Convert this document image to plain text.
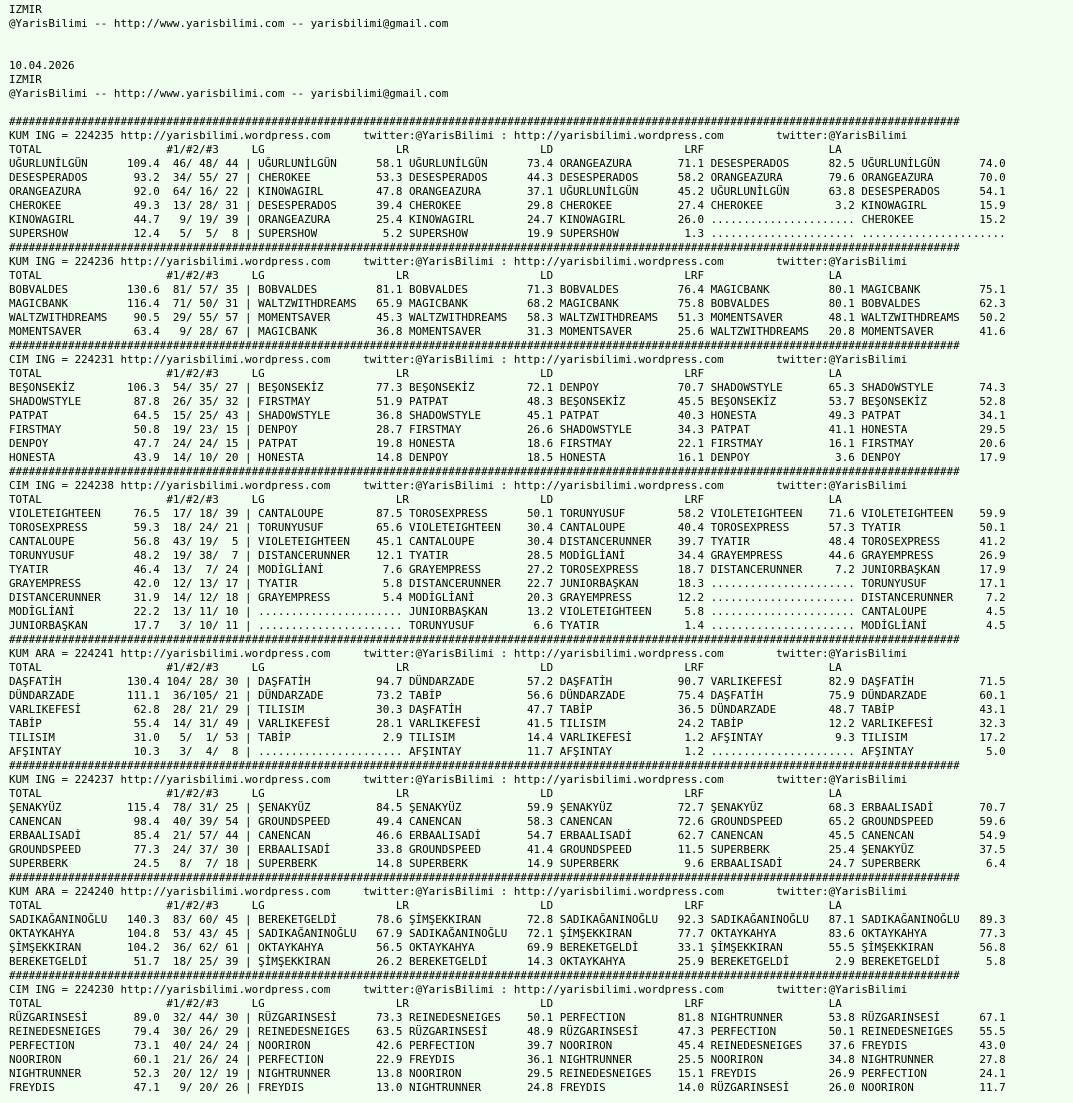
IZMIR
@YarisBilimi -- http://www.yarisbilimi.com -- yarisbilimi@gmail.com

10.04.2026
IZMIR
@YarisBilimi -- http://www.yarisbilimi.com -- yarisbilimi@gmail.com

#################################################################################################################################################
KUM ING = 224235 http://yarisbilimi.wordpress.com     twitter:@YarisBilimi : http://yarisbilimi.wordpress.com        twitter:@YarisBilimi
TOTAL                   #1/#2/#3     LG                    LR                    LD                    LRF                   LA
UĞURLUNİLGÜN      109.4  46/ 48/ 44 | UĞURLUNİLGÜN      58.1 UĞURLUNİLGÜN      73.4 ORANGEAZURA       71.1 DESESPERADOS      82.5 UĞURLUNİLGÜN      74.0
DESESPERADOS       93.2  34/ 55/ 27 | CHEROKEE          53.3 DESESPERADOS      44.3 DESESPERADOS      58.2 ORANGEAZURA       79.6 ORANGEAZURA       70.0
ORANGEAZURA        92.0  64/ 16/ 22 | KINOWAGIRL        47.8 ORANGEAZURA       37.1 UĞURLUNİLGÜN      45.2 UĞURLUNİLGÜN      63.8 DESESPERADOS      54.1
CHEROKEE           49.3  13/ 28/ 31 | DESESPERADOS      39.4 CHEROKEE          29.8 CHEROKEE          27.4 CHEROKEE           3.2 KINOWAGIRL        15.9
KINOWAGIRL         44.7   9/ 19/ 39 | ORANGEAZURA       25.4 KINOWAGIRL        24.7 KINOWAGIRL        26.0 ...................... CHEROKEE          15.2
SUPERSHOW          12.4   5/  5/  8 | SUPERSHOW          5.2 SUPERSHOW         19.9 SUPERSHOW          1.3 ...................... ......................
#################################################################################################################################################
KUM ING = 224236 http://yarisbilimi.wordpress.com     twitter:@YarisBilimi : http://yarisbilimi.wordpress.com        twitter:@YarisBilimi
TOTAL                   #1/#2/#3     LG                    LR                    LD                    LRF                   LA
BOBVALDES         130.6  81/ 57/ 35 | BOBVALDES         81.1 BOBVALDES         71.3 BOBVALDES         76.4 MAGICBANK         80.1 MAGICBANK         75.1
MAGICBANK         116.4  71/ 50/ 31 | WALTZWITHDREAMS   65.9 MAGICBANK         68.2 MAGICBANK         75.8 BOBVALDES         80.1 BOBVALDES         62.3
WALTZWITHDREAMS    90.5  29/ 55/ 57 | MOMENTSAVER       45.3 WALTZWITHDREAMS   58.3 WALTZWITHDREAMS   51.3 MOMENTSAVER       48.1 WALTZWITHDREAMS   50.2
MOMENTSAVER        63.4   9/ 28/ 67 | MAGICBANK         36.8 MOMENTSAVER       31.3 MOMENTSAVER       25.6 WALTZWITHDREAMS   20.8 MOMENTSAVER       41.6
#################################################################################################################################################
CIM ING = 224231 http://yarisbilimi.wordpress.com     twitter:@YarisBilimi : http://yarisbilimi.wordpress.com        twitter:@YarisBilimi
TOTAL                   #1/#2/#3     LG                    LR                    LD                    LRF                   LA
BEŞONSEKİZ        106.3  54/ 35/ 27 | BEŞONSEKİZ        77.3 BEŞONSEKİZ        72.1 DENPOY            70.7 SHADOWSTYLE       65.3 SHADOWSTYLE       74.3
SHADOWSTYLE        87.8  26/ 35/ 32 | FIRSTMAY          51.9 PATPAT            48.3 BEŞONSEKİZ        45.5 BEŞONSEKİZ        53.7 BEŞONSEKİZ        52.8
PATPAT             64.5  15/ 25/ 43 | SHADOWSTYLE       36.8 SHADOWSTYLE       45.1 PATPAT            40.3 HONESTA           49.3 PATPAT            34.1
FIRSTMAY           50.8  19/ 23/ 15 | DENPOY            28.7 FIRSTMAY          26.6 SHADOWSTYLE       34.3 PATPAT            41.1 HONESTA           29.5
DENPOY             47.7  24/ 24/ 15 | PATPAT            19.8 HONESTA           18.6 FIRSTMAY          22.1 FIRSTMAY          16.1 FIRSTMAY          20.6
HONESTA            43.9  14/ 10/ 20 | HONESTA           14.8 DENPOY            18.5 HONESTA           16.1 DENPOY             3.6 DENPOY            17.9
#################################################################################################################################################
CIM ING = 224238 http://yarisbilimi.wordpress.com     twitter:@YarisBilimi : http://yarisbilimi.wordpress.com        twitter:@YarisBilimi
TOTAL                   #1/#2/#3     LG                    LR                    LD                    LRF                   LA
VIOLETEIGHTEEN     76.5  17/ 18/ 39 | CANTALOUPE        87.5 TOROSEXPRESS      50.1 TORUNYUSUF        58.2 VIOLETEIGHTEEN    71.6 VIOLETEIGHTEEN    59.9
TOROSEXPRESS       59.3  18/ 24/ 21 | TORUNYUSUF        65.6 VIOLETEIGHTEEN    30.4 CANTALOUPE        40.4 TOROSEXPRESS      57.3 TYATIR            50.1
CANTALOUPE         56.8  43/ 19/  5 | VIOLETEIGHTEEN    45.1 CANTALOUPE        30.4 DISTANCERUNNER    39.7 TYATIR            48.4 TOROSEXPRESS      41.2
TORUNYUSUF         48.2  19/ 38/  7 | DISTANCERUNNER    12.1 TYATIR            28.5 MODİGLİANİ        34.4 GRAYEMPRESS       44.6 GRAYEMPRESS       26.9
TYATIR             46.4  13/  7/ 24 | MODİGLİANİ         7.6 GRAYEMPRESS       27.2 TOROSEXPRESS      18.7 DISTANCERUNNER     7.2 JUNIORBAŞKAN      17.9
GRAYEMPRESS        42.0  12/ 13/ 17 | TYATIR             5.8 DISTANCERUNNER    22.7 JUNIORBAŞKAN      18.3 ...................... TORUNYUSUF        17.1
DISTANCERUNNER     31.9  14/ 12/ 18 | GRAYEMPRESS        5.4 MODİGLİANİ        20.3 GRAYEMPRESS       12.2 ...................... DISTANCERUNNER     7.2
MODİGLİANİ         22.2  13/ 11/ 10 | ...................... JUNIORBAŞKAN      13.2 VIOLETEIGHTEEN     5.8 ...................... CANTALOUPE         4.5
JUNIORBAŞKAN       17.7   3/ 10/ 11 | ...................... TORUNYUSUF         6.6 TYATIR             1.4 ...................... MODİGLİANİ         4.5
#################################################################################################################################################
KUM ARA = 224241 http://yarisbilimi.wordpress.com     twitter:@YarisBilimi : http://yarisbilimi.wordpress.com        twitter:@YarisBilimi
TOTAL                   #1/#2/#3     LG                    LR                    LD                    LRF                   LA
DAŞFATİH          130.4 104/ 28/ 30 | DAŞFATİH          94.7 DÜNDARZADE        57.2 DAŞFATİH          90.7 VARLIKEFESİ       82.9 DAŞFATİH          71.5
DÜNDARZADE        111.1  36/105/ 21 | DÜNDARZADE        73.2 TABİP             56.6 DÜNDARZADE        75.4 DAŞFATİH          75.9 DÜNDARZADE        60.1
VARLIKEFESİ        62.8  28/ 21/ 29 | TILISIM           30.3 DAŞFATİH          47.7 TABİP             36.5 DÜNDARZADE        48.7 TABİP             43.1
TABİP              55.4  14/ 31/ 49 | VARLIKEFESİ       28.1 VARLIKEFESİ       41.5 TILISIM           24.2 TABİP             12.2 VARLIKEFESİ       32.3
TILISIM            31.0   5/  1/ 53 | TABİP              2.9 TILISIM           14.4 VARLIKEFESİ        1.2 AFŞINTAY           9.3 TILISIM           17.2
AFŞINTAY           10.3   3/  4/  8 | ...................... AFŞINTAY          11.7 AFŞINTAY           1.2 ...................... AFŞINTAY           5.0
#################################################################################################################################################
KUM ING = 224237 http://yarisbilimi.wordpress.com     twitter:@YarisBilimi : http://yarisbilimi.wordpress.com        twitter:@YarisBilimi
TOTAL                   #1/#2/#3     LG                    LR                    LD                    LRF                   LA
ŞENAKYÜZ          115.4  78/ 31/ 25 | ŞENAKYÜZ          84.5 ŞENAKYÜZ          59.9 ŞENAKYÜZ          72.7 ŞENAKYÜZ          68.3 ERBAALISADİ       70.7
CANENCAN           98.4  40/ 39/ 54 | GROUNDSPEED       49.4 CANENCAN          58.3 CANENCAN          72.6 GROUNDSPEED       65.2 GROUNDSPEED       59.6
ERBAALISADİ        85.4  21/ 57/ 44 | CANENCAN          46.6 ERBAALISADİ       54.7 ERBAALISADİ       62.7 CANENCAN          45.5 CANENCAN          54.9
GROUNDSPEED        77.3  24/ 37/ 30 | ERBAALISADİ       33.8 GROUNDSPEED       41.4 GROUNDSPEED       11.5 SUPERBERK         25.4 ŞENAKYÜZ          37.5
SUPERBERK          24.5   8/  7/ 18 | SUPERBERK         14.8 SUPERBERK         14.9 SUPERBERK          9.6 ERBAALISADİ       24.7 SUPERBERK          6.4
#################################################################################################################################################
KUM ARA = 224240 http://yarisbilimi.wordpress.com     twitter:@YarisBilimi : http://yarisbilimi.wordpress.com        twitter:@YarisBilimi
TOTAL                   #1/#2/#3     LG                    LR                    LD                    LRF                   LA
SADIKAĞANINOĞLU   140.3  83/ 60/ 45 | BEREKETGELDİ      78.6 ŞİMŞEKKIRAN       72.8 SADIKAĞANINOĞLU   92.3 SADIKAĞANINOĞLU   87.1 SADIKAĞANINOĞLU   89.3
OKTAYKAHYA        104.8  53/ 43/ 45 | SADIKAĞANINOĞLU   67.9 SADIKAĞANINOĞLU   72.1 ŞİMŞEKKIRAN       77.7 OKTAYKAHYA        83.6 OKTAYKAHYA        77.3
ŞİMŞEKKIRAN       104.2  36/ 62/ 61 | OKTAYKAHYA        56.5 OKTAYKAHYA        69.9 BEREKETGELDİ      33.1 ŞİMŞEKKIRAN       55.5 ŞİMŞEKKIRAN       56.8
BEREKETGELDİ       51.7  18/ 25/ 39 | ŞİMŞEKKIRAN       26.2 BEREKETGELDİ      14.3 OKTAYKAHYA        25.9 BEREKETGELDİ       2.9 BEREKETGELDİ       5.8
#################################################################################################################################################
CIM ING = 224230 http://yarisbilimi.wordpress.com     twitter:@YarisBilimi : http://yarisbilimi.wordpress.com        twitter:@YarisBilimi
TOTAL                   #1/#2/#3     LG                    LR                    LD                    LRF                   LA
RÜZGARINSESİ       89.0  32/ 44/ 30 | RÜZGARINSESİ      73.3 REINEDESNEIGES    50.1 PERFECTION        81.8 NIGHTRUNNER       53.8 RÜZGARINSESİ      67.1
REINEDESNEIGES     79.4  30/ 26/ 29 | REINEDESNEIGES    63.5 RÜZGARINSESİ      48.9 RÜZGARINSESİ      47.3 PERFECTION        50.1 REINEDESNEIGES    55.5
PERFECTION         73.1  40/ 24/ 24 | NOORIRON          42.6 PERFECTION        39.7 NOORIRON          45.4 REINEDESNEIGES    37.6 FREYDIS           43.0
NOORIRON           60.1  21/ 26/ 24 | PERFECTION        22.9 FREYDIS           36.1 NIGHTRUNNER       25.5 NOORIRON          34.8 NIGHTRUNNER       27.8
NIGHTRUNNER        52.3  20/ 12/ 19 | NIGHTRUNNER       13.8 NOORIRON          29.5 REINEDESNEIGES    15.1 FREYDIS           26.9 PERFECTION        24.1
FREYDIS            47.1   9/ 20/ 26 | FREYDIS           13.0 NIGHTRUNNER       24.8 FREYDIS           14.0 RÜZGARINSESİ      26.0 NOORIRON          11.7
